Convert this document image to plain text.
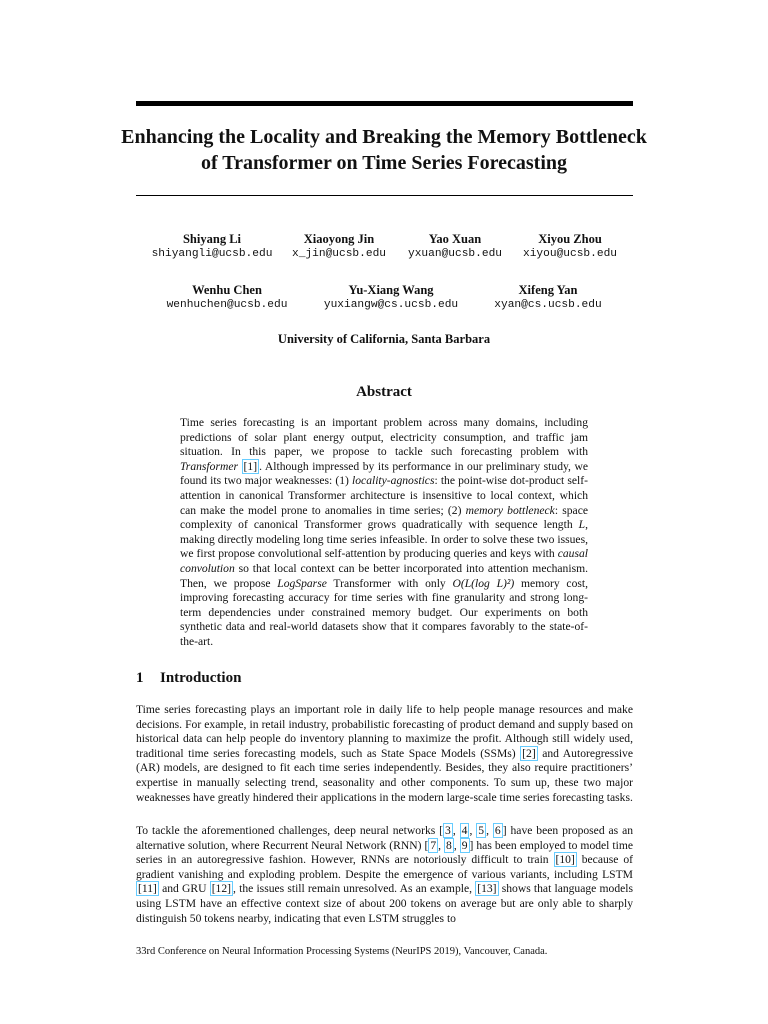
Enhancing the Locality and Breaking the Memory Bottleneck of Transformer on Time Series Forecasting
Shiyang Li
shiyangli@ucsb.edu
Xiaoyong Jin
x_jin@ucsb.edu
Yao Xuan
yxuan@ucsb.edu
Xiyou Zhou
xiyou@ucsb.edu
Wenhu Chen
wenhuchen@ucsb.edu
Yu-Xiang Wang
yuxiangw@cs.ucsb.edu
Xifeng Yan
xyan@cs.ucsb.edu
University of California, Santa Barbara
Abstract
Time series forecasting is an important problem across many domains, including predictions of solar plant energy output, electricity consumption, and traffic jam situation. In this paper, we propose to tackle such forecasting problem with Transformer [1] . Although impressed by its performance in our preliminary study, we found its two major weaknesses: (1) locality-agnostics: the point-wise dot-product self-attention in canonical Transformer architecture is insensitive to local context, which can make the model prone to anomalies in time series; (2) memory bottleneck: space complexity of canonical Transformer grows quadratically with sequence length L, making directly modeling long time series infeasible. In order to solve these two issues, we first propose convolutional self-attention by producing queries and keys with causal convolution so that local context can be better incorporated into attention mechanism. Then, we propose LogSparse Transformer with only O(L(log L)²) memory cost, improving forecasting accuracy for time series with fine granularity and strong long-term dependencies under constrained memory budget. Our experiments on both synthetic data and real-world datasets show that it compares favorably to the state-of-the-art.
1 Introduction
Time series forecasting plays an important role in daily life to help people manage resources and make decisions. For example, in retail industry, probabilistic forecasting of product demand and supply based on historical data can help people do inventory planning to maximize the profit. Although still widely used, traditional time series forecasting models, such as State Space Models (SSMs) [2] and Autoregressive (AR) models, are designed to fit each time series independently. Besides, they also require practitioners’ expertise in manually selecting trend, seasonality and other components. To sum up, these two major weaknesses have greatly hindered their applications in the modern large-scale time series forecasting tasks.
To tackle the aforementioned challenges, deep neural networks [ 3 , 4 , 5 , 6 ] have been proposed as an alternative solution, where Recurrent Neural Network (RNN) [ 7 , 8 , 9 ] has been employed to model time series in an autoregressive fashion. However, RNNs are notoriously difficult to train [10] because of gradient vanishing and exploding problem. Despite the emergence of various variants, including LSTM [11] and GRU [12] , the issues still remain unresolved. As an example, [13] shows that language models using LSTM have an effective context size of about 200 tokens on average but are only able to sharply distinguish 50 tokens nearby, indicating that even LSTM struggles to
33rd Conference on Neural Information Processing Systems (NeurIPS 2019), Vancouver, Canada.
